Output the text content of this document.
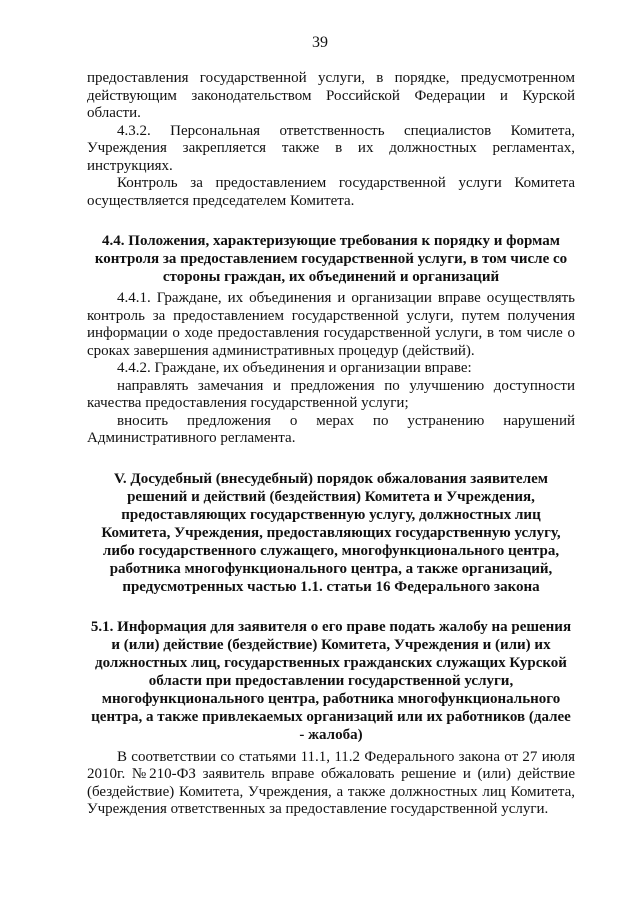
39

предоставления государственной услуги, в порядке, предусмотренном действующим законодательством Российской Федерации и Курской области.

4.3.2. Персональная ответственность специалистов Комитета, Учреждения закрепляется также в их должностных регламентах, инструкциях.

Контроль за предоставлением государственной услуги Комитета осуществляется председателем Комитета.

4.4. Положения, характеризующие требования к порядку и формам контроля за предоставлением государственной услуги, в том числе со стороны граждан, их объединений и организаций

4.4.1. Граждане, их объединения и организации вправе осуществлять контроль за предоставлением государственной услуги, путем получения информации о ходе предоставления государственной услуги, в том числе о сроках завершения административных процедур (действий).

4.4.2. Граждане, их объединения и организации вправе:

направлять замечания и предложения по улучшению доступности качества предоставления государственной услуги;

вносить предложения о мерах по устранению нарушений Административного регламента.

V. Досудебный (внесудебный) порядок обжалования заявителем решений и действий (бездействия) Комитета и Учреждения, предоставляющих государственную услугу, должностных лиц Комитета, Учреждения, предоставляющих государственную услугу, либо государственного служащего, многофункционального центра, работника многофункционального центра, а также организаций, предусмотренных частью 1.1. статьи 16 Федерального закона
5.1. Информация для заявителя о его праве подать жалобу на решения и (или) действие (бездействие) Комитета, Учреждения и (или) их должностных лиц, государственных гражданских служащих Курской области при предоставлении государственной услуги, многофункционального центра, работника многофункционального центра, а также привлекаемых организаций или их работников (далее - жалоба)

В соответствии со статьями 11.1, 11.2 Федерального закона от 27 июля 2010г. №210-ФЗ заявитель вправе обжаловать решение и (или) действие (бездействие) Комитета, Учреждения, а также должностных лиц Комитета, Учреждения ответственных за предоставление государственной услуги.
